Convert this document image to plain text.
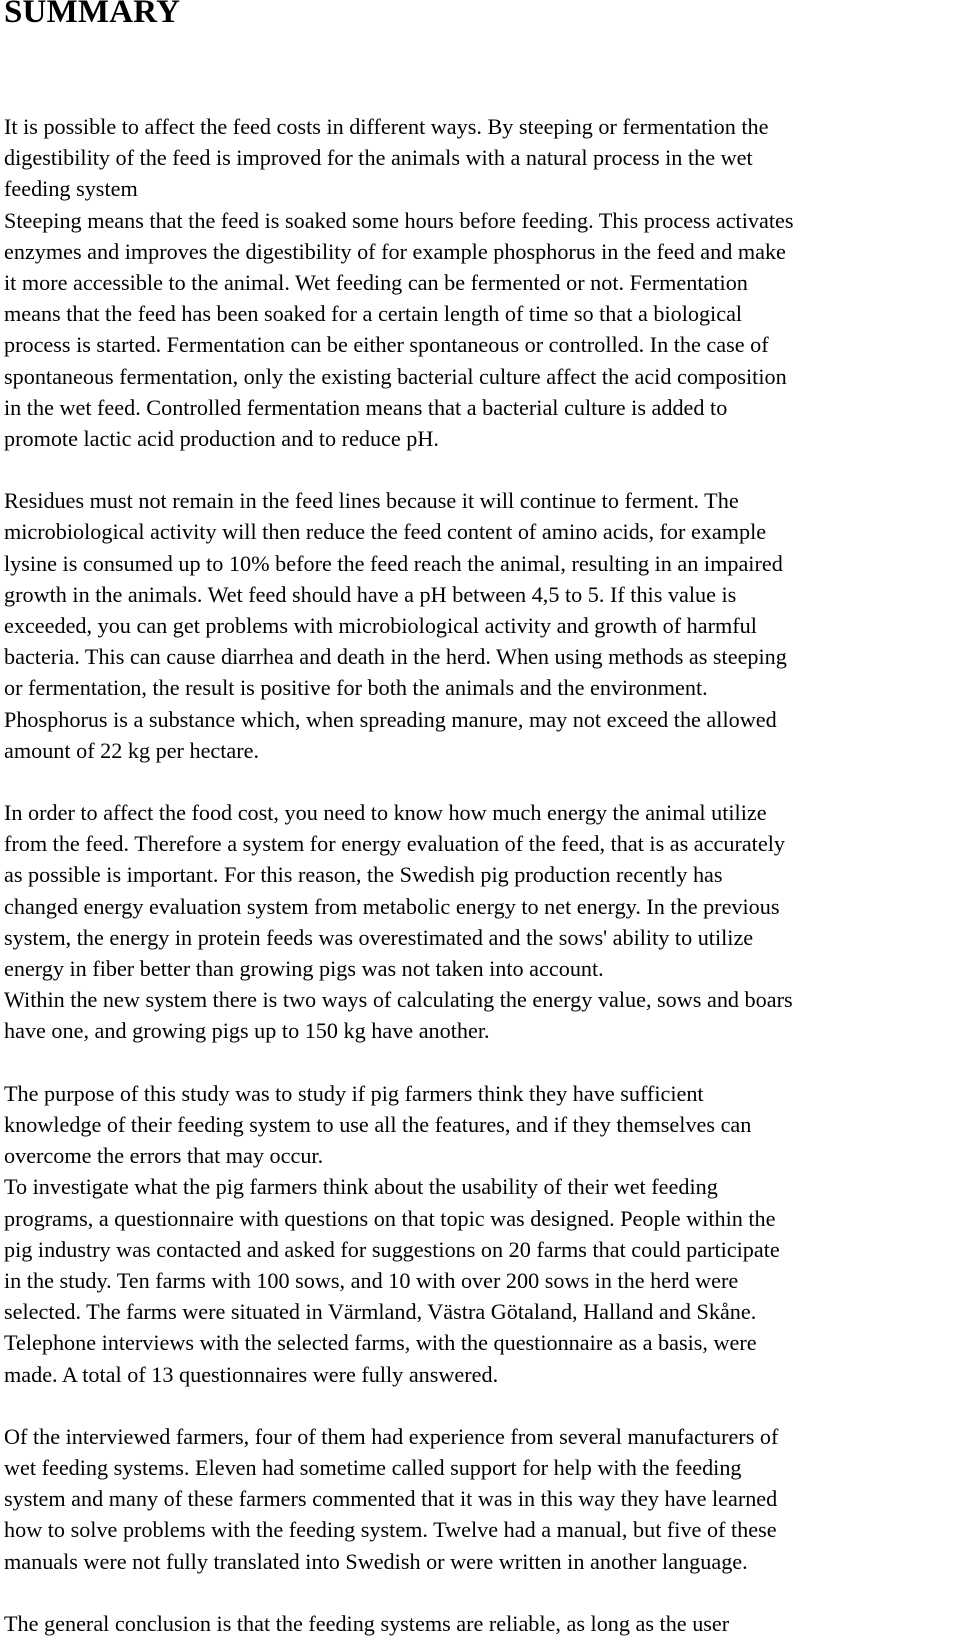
SUMMARY
It is possible to affect the feed costs in different ways. By steeping or fermentation the
digestibility of the feed is improved for the animals with a natural process in the wet
feeding system
Steeping means that the feed is soaked some hours before feeding. This process activates
enzymes and improves the digestibility of for example phosphorus in the feed and make
it more accessible to the animal. Wet feeding can be fermented or not. Fermentation
means that the feed has been soaked for a certain length of time so that a biological
process is started. Fermentation can be either spontaneous or controlled. In the case of
spontaneous fermentation, only the existing bacterial culture affect the acid composition
in the wet feed. Controlled fermentation means that a bacterial culture is added to
promote lactic acid production and to reduce pH.
Residues must not remain in the feed lines because it will continue to ferment. The
microbiological activity will then reduce the feed content of amino acids, for example
lysine is consumed up to 10% before the feed reach the animal, resulting in an impaired
growth in the animals. Wet feed should have a pH between 4,5 to 5. If this value is
exceeded, you can get problems with microbiological activity and growth of harmful
bacteria. This can cause diarrhea and death in the herd. When using methods as steeping
or fermentation, the result is positive for both the animals and the environment.
Phosphorus is a substance which, when spreading manure, may not exceed the allowed
amount of 22 kg per hectare.
In order to affect the food cost, you need to know how much energy the animal utilize
from the feed. Therefore a system for energy evaluation of the feed, that is as accurately
as possible is important. For this reason, the Swedish pig production recently has
changed energy evaluation system from metabolic energy to net energy. In the previous
system, the energy in protein feeds was overestimated and the sows' ability to utilize
energy in fiber better than growing pigs was not taken into account.
Within the new system there is two ways of calculating the energy value, sows and boars
have one, and growing pigs up to 150 kg have another.
The purpose of this study was to study if pig farmers think they have sufficient
knowledge of their feeding system to use all the features, and if they themselves can
overcome the errors that may occur.
To investigate what the pig farmers think about the usability of their wet feeding
programs, a questionnaire with questions on that topic was designed. People within the
pig industry was contacted and asked for suggestions on 20 farms that could participate
in the study. Ten farms with 100 sows, and 10 with over 200 sows in the herd were
selected. The farms were situated in Värmland, Västra Götaland, Halland and Skåne.
Telephone interviews with the selected farms, with the questionnaire as a basis, were
made. A total of 13 questionnaires were fully answered.
Of the interviewed farmers, four of them had experience from several manufacturers of
wet feeding systems. Eleven had sometime called support for help with the feeding
system and many of these farmers commented that it was in this way they have learned
how to solve problems with the feeding system. Twelve had a manual, but five of these
manuals were not fully translated into Swedish or were written in another language.
The general conclusion is that the feeding systems are reliable, as long as the user
